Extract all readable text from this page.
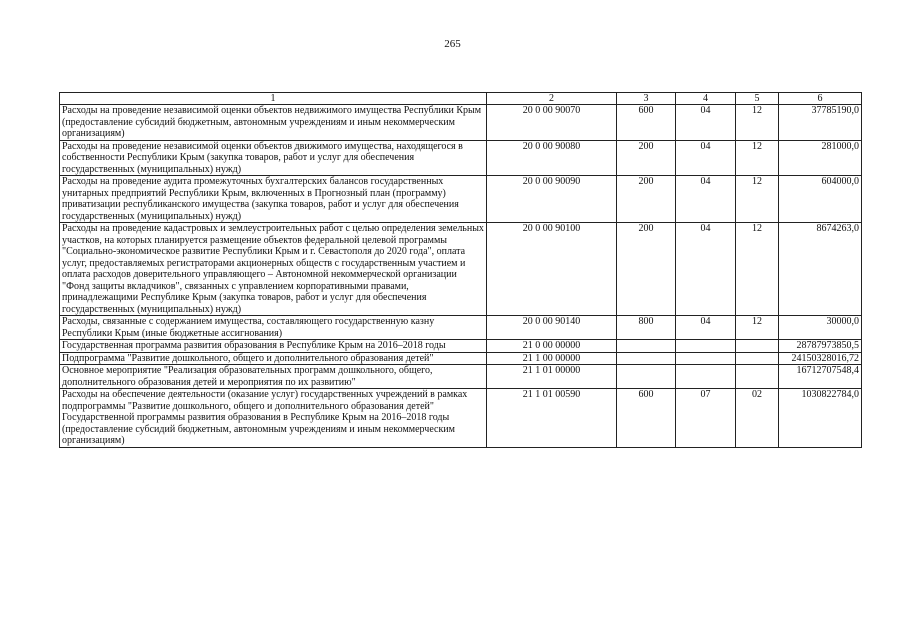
265
1	2	3	4	5	6
Расходы на проведение независимой оценки объектов недвижимого имущества Республики Крым (предоставление субсидий бюджетным, автономным учреждениям и иным некоммерческим организациям)	20 0 00 90070	600	04	12	37785190,0
Расходы на проведение независимой оценки объектов движимого имущества, находящегося в собственности Республики Крым (закупка товаров, работ и услуг для обеспечения государственных (муниципальных) нужд)	20 0 00 90080	200	04	12	281000,0
Расходы на проведение аудита промежуточных бухгалтерских балансов государственных унитарных предприятий Республики Крым, включенных в Прогнозный план (программу) приватизации республиканского имущества (закупка товаров, работ и услуг для обеспечения государственных (муниципальных) нужд)	20 0 00 90090	200	04	12	604000,0
Расходы на проведение кадастровых и землеустроительных работ с целью определения земельных участков, на которых планируется размещение объектов федеральной целевой программы "Социально-экономическое развитие Республики Крым и г. Севастополя до 2020 года", оплата услуг, предоставляемых регистраторами акционерных обществ с государственным участием и оплата расходов доверительного управляющего – Автономной некоммерческой организации "Фонд защиты вкладчиков", связанных с управлением корпоративными правами, принадлежащими Республике Крым (закупка товаров, работ и услуг для обеспечения государственных (муниципальных) нужд)	20 0 00 90100	200	04	12	8674263,0
Расходы, связанные с содержанием имущества, составляющего государственную казну Республики Крым (иные бюджетные ассигнования)	20 0 00 90140	800	04	12	30000,0
Государственная программа развития образования в Республике Крым на 2016–2018 годы	21 0 00 00000				28787973850,5
Подпрограмма "Развитие дошкольного, общего и дополнительного образования детей"	21 1 00 00000				24150328016,72
Основное мероприятие "Реализация образовательных программ дошкольного, общего, дополнительного образования детей и мероприятия по их развитию"	21 1 01 00000				16712707548,4
Расходы на обеспечение деятельности (оказание услуг) государственных учреждений в рамках подпрограммы "Развитие дошкольного, общего и дополнительного образования детей" Государственной программы развития образования в Республике Крым на 2016–2018 годы (предоставление субсидий бюджетным, автономным учреждениям и иным некоммерческим организациям)	21 1 01 00590	600	07	02	1030822784,0
